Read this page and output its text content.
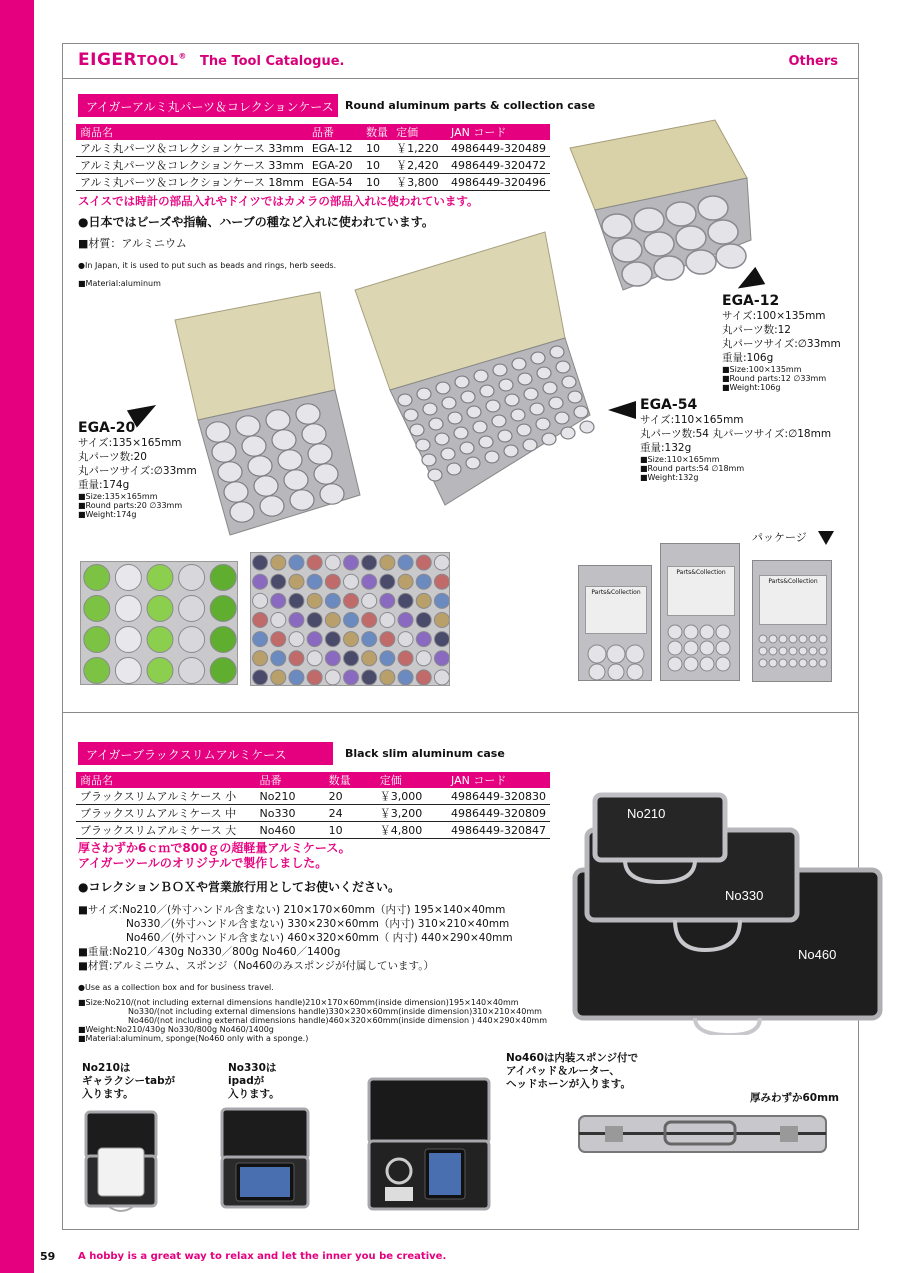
EIGERTOOL® The Tool Catalogue.	Others
アイガーアルミ丸パーツ＆コレクションケース	Round aluminum parts & collection case
商品名	品番	数量	定価	JAN コード
アルミ丸パーツ＆コレクションケース 33mm	EGA-12	10	￥1,220	4986449-320489
アルミ丸パーツ＆コレクションケース 33mm	EGA-20	10	￥2,420	4986449-320472
アルミ丸パーツ＆コレクションケース 18mm	EGA-54	10	￥3,800	4986449-320496
スイスでは時計の部品入れやドイツではカメラの部品入れに使われています。
●日本ではビーズや指輪、ハーブの種など入れに使われています。
■材質：アルミニウム
●In Japan, it is used to put such as beads and rings, herb seeds.
■Material:aluminum
EGA-12
サイズ:100×135mm
丸パーツ数:12
丸パーツサイズ:∅33mm
重量:106g
■Size:100×135mm
■Round parts:12 ∅33mm
■Weight:106g
EGA-54
サイズ:110×165mm
丸パーツ数:54 丸パーツサイズ:∅18mm
重量:132g
■Size:110×165mm
■Round parts:54 ∅18mm
■Weight:132g
EGA-20
サイズ:135×165mm
丸パーツ数:20
丸パーツサイズ:∅33mm
重量:174g
■Size:135×165mm
■Round parts:20 ∅33mm
■Weight:174g
パッケージ
Parts&Collection
Parts&Collection
Parts&Collection
アイガーブラックスリムアルミケース	Black slim aluminum case
商品名	品番	数量	定価	JAN コード
ブラックスリムアルミケース 小	No210	20	￥3,000	4986449-320830
ブラックスリムアルミケース 中	No330	24	￥3,200	4986449-320809
ブラックスリムアルミケース 大	No460	10	￥4,800	4986449-320847
厚さわずか6ｃｍで800ｇの超軽量アルミケース。
アイガーツールのオリジナルで製作しました。
●コレクションＢＯＸや営業旅行用としてお使いください。
■サイズ:No210／(外寸ハンドル含まない) 210×170×60mm（内寸) 195×140×40mm
No330／(外寸ハンドル含まない) 330×230×60mm（内寸) 310×210×40mm
No460／(外寸ハンドル含まない) 460×320×60mm（ 内寸) 440×290×40mm
■重量:No210／430g No330／800g No460／1400g
■材質:アルミニウム、スポンジ（No460のみスポンジが付属しています。）
●Use as a collection box and for business travel.
■Size:No210/(not including external dimensions handle)210×170×60mm(inside dimension)195×140×40mm
No330/(not including external dimensions handle)330×230×60mm(inside dimension)310×210×40mm
No460/(not including external dimensions handle)460×320×60mm(inside dimension ) 440×290×40mm
■Weight:No210/430g No330/800g No460/1400g
■Material:aluminum, sponge(No460 only with a sponge.)
No210
No330
No460
No210は
ギャラクシーtabが
入ります。
No330は
ipadが
入ります。
No460は内装スポンジ付で
アイパッド＆ルーター、
ヘッドホーンが入ります。
厚みわずか60mm
59 A hobby is a great way to relax and let the inner you be creative.
